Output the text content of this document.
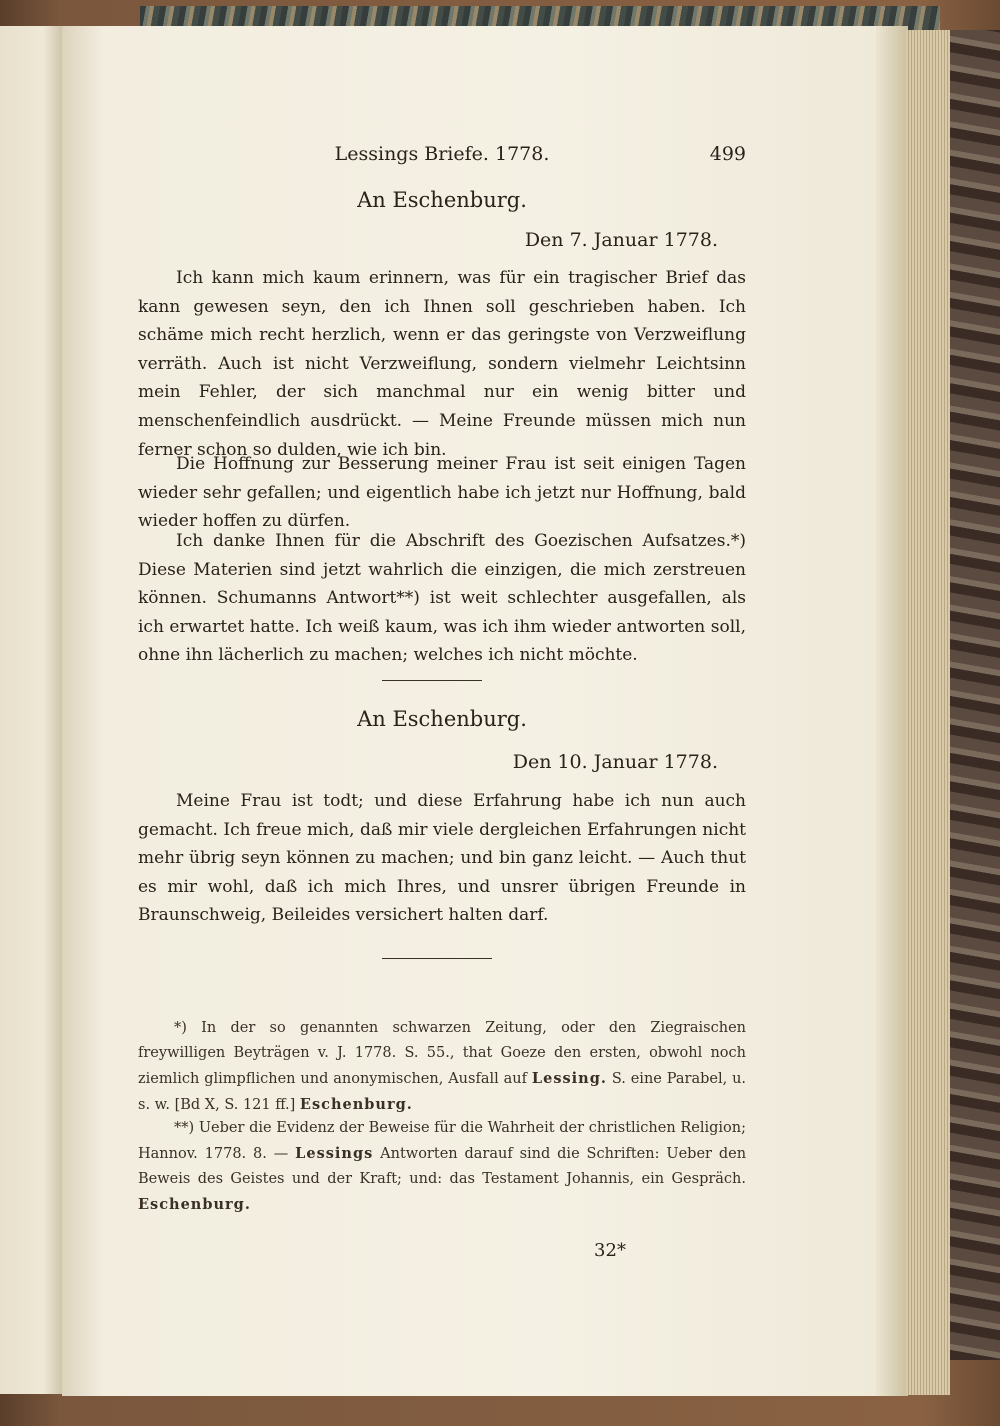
Lessings Briefe. 1778.	499
An Eschenburg.
Den 7. Januar 1778.

Ich kann mich kaum erinnern, was für ein tragischer Brief das kann gewesen seyn, den ich Ihnen soll geschrieben haben. Ich schäme mich recht herzlich, wenn er das geringste von Verzweiflung verräth. Auch ist nicht Verzweiflung, sondern vielmehr Leichtsinn mein Fehler, der sich manchmal nur ein wenig bitter und menschenfeindlich ausdrückt. — Meine Freunde müssen mich nun ferner schon so dulden, wie ich bin.

Die Hoffnung zur Besserung meiner Frau ist seit einigen Tagen wieder sehr gefallen; und eigentlich habe ich jetzt nur Hoffnung, bald wieder hoffen zu dürfen.

Ich danke Ihnen für die Abschrift des Goezischen Aufsatzes.*) Diese Materien sind jetzt wahrlich die einzigen, die mich zerstreuen können. Schumanns Antwort**) ist weit schlechter ausgefallen, als ich erwartet hatte. Ich weiß kaum, was ich ihm wieder antworten soll, ohne ihn lächerlich zu machen; welches ich nicht möchte.

An Eschenburg.
Den 10. Januar 1778.

Meine Frau ist todt; und diese Erfahrung habe ich nun auch gemacht. Ich freue mich, daß mir viele dergleichen Erfahrungen nicht mehr übrig seyn können zu machen; und bin ganz leicht. — Auch thut es mir wohl, daß ich mich Ihres, und unsrer übrigen Freunde in Braunschweig, Beileides versichert halten darf.

*) In der so genannten schwarzen Zeitung, oder den Ziegraischen freywilligen Beyträgen v. J. 1778. S. 55., that Goeze den ersten, obwohl noch ziemlich glimpflichen und anonymischen, Ausfall auf Lessing. S. eine Parabel, u. s. w. [Bd X, S. 121 ff.] Eschenburg.

**) Ueber die Evidenz der Beweise für die Wahrheit der christlichen Religion; Hannov. 1778. 8. — Lessings Antworten darauf sind die Schriften: Ueber den Beweis des Geistes und der Kraft; und: das Testament Johannis, ein Gespräch. Eschenburg.

32*
